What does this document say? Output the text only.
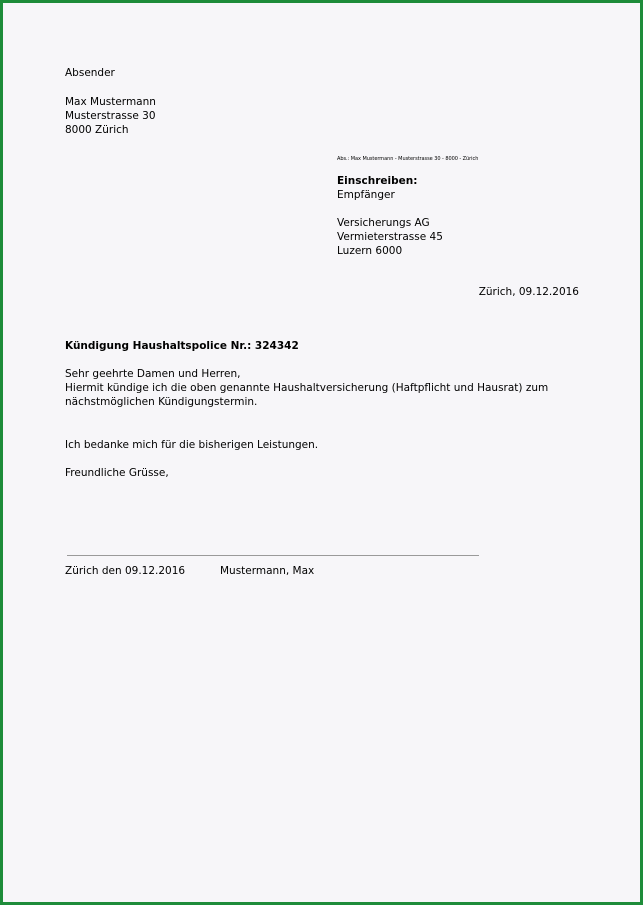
Absender
Max Mustermann
Musterstrasse 30
8000 Zürich
Abs.: Max Mustermann - Musterstrasse 30 - 8000 - Zürich
Einschreiben:
Empfänger
Versicherungs AG
Vermieterstrasse 45
Luzern 6000
Zürich, 09.12.2016
Kündigung Haushaltspolice Nr.: 324342
Sehr geehrte Damen und Herren,
Hiermit kündige ich die oben genannte Haushaltversicherung (Haftpflicht und Hausrat) zum
nächstmöglichen Kündigungstermin.
Ich bedanke mich für die bisherigen Leistungen.
Freundliche Grüsse,
Zürich den 09.12.2016	Mustermann, Max
